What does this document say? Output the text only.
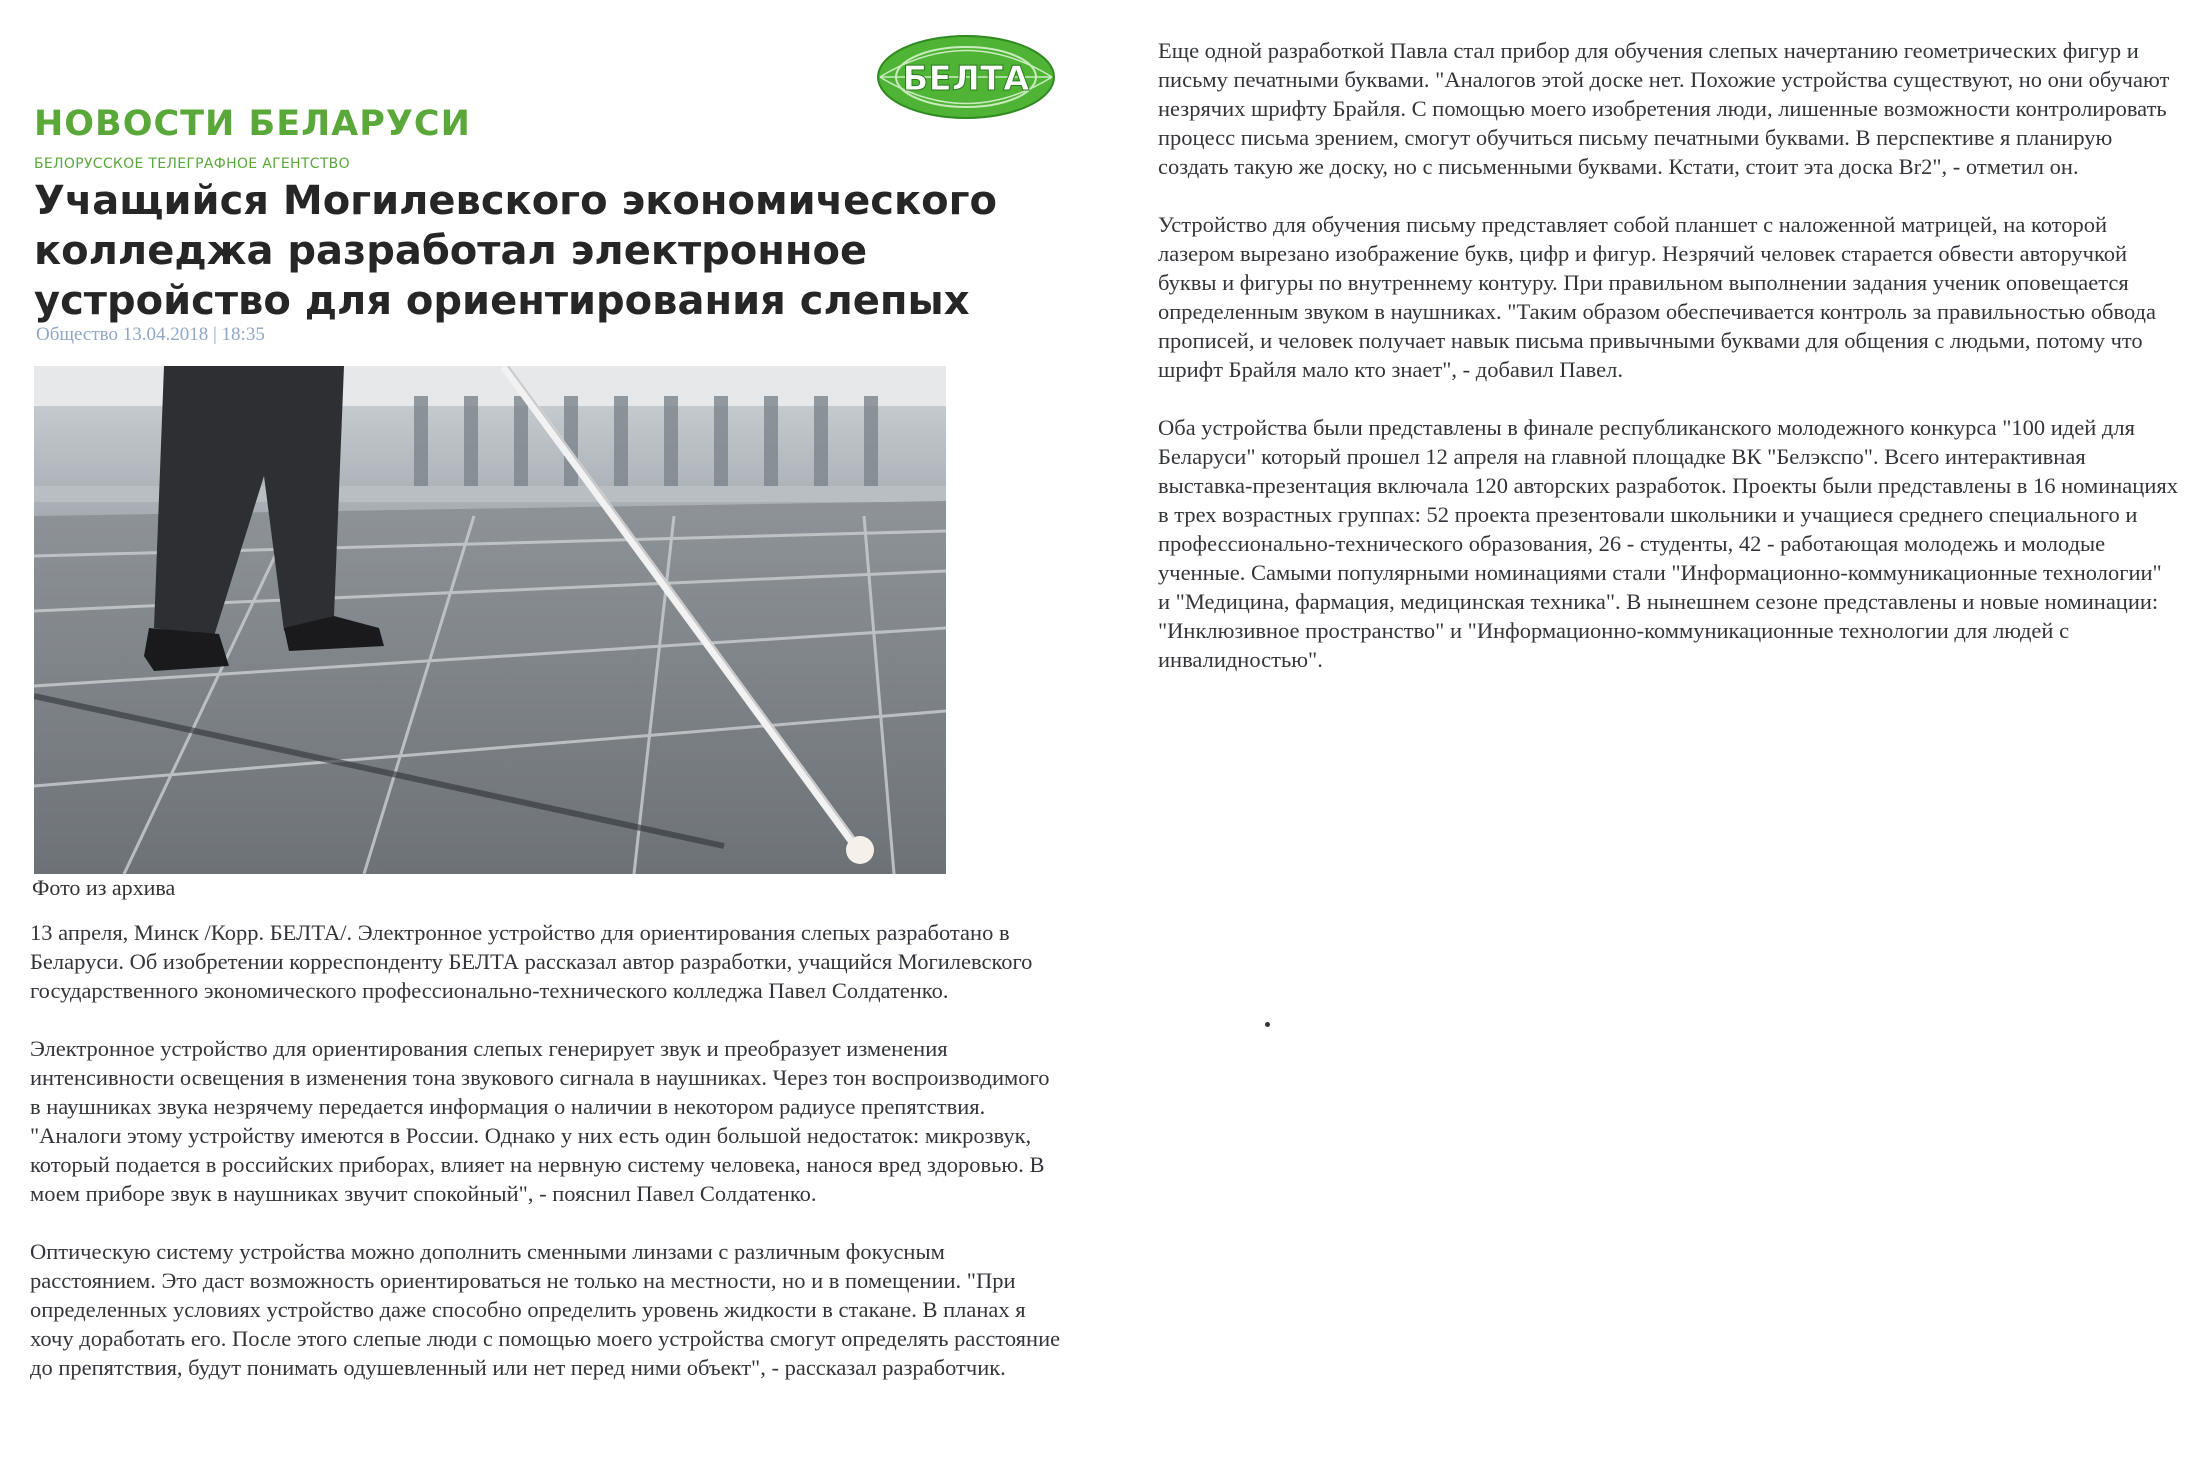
БЕЛТА
НОВОСТИ БЕЛАРУСИ
БЕЛОРУССКОЕ ТЕЛЕГРАФНОЕ АГЕНТСТВО
Учащийся Могилевского экономического колледжа разработал электронное устройство для ориентирования слепых
Общество 13.04.2018 | 18:35
Фото из архива

13 апреля, Минск /Корр. БЕЛТА/. Электронное устройство для ориентирования слепых разработано в Беларуси. Об изобретении корреспонденту БЕЛТА рассказал автор разработки, учащийся Могилевского государственного экономического профессионально-технического колледжа Павел Солдатенко.

Электронное устройство для ориентирования слепых генерирует звук и преобразует изменения интенсивности освещения в изменения тона звукового сигнала в наушниках. Через тон воспроизводимого в наушниках звука незрячему передается информация о наличии в некотором радиусе препятствия. "Аналоги этому устройству имеются в России. Однако у них есть один большой недостаток: микрозвук, который подается в российских приборах, влияет на нервную систему человека, нанося вред здоровью. В моем приборе звук в наушниках звучит спокойный", - пояснил Павел Солдатенко.

Оптическую систему устройства можно дополнить сменными линзами с различным фокусным расстоянием. Это даст возможность ориентироваться не только на местности, но и в помещении. "При определенных условиях устройство даже способно определить уровень жидкости в стакане. В планах я хочу доработать его. После этого слепые люди с помощью моего устройства смогут определять расстояние до препятствия, будут понимать одушевленный или нет перед ними объект", - рассказал разработчик.

Еще одной разработкой Павла стал прибор для обучения слепых начертанию геометрических фигур и письму печатными буквами. "Аналогов этой доске нет. Похожие устройства существуют, но они обучают незрячих шрифту Брайля. С помощью моего изобретения люди, лишенные возможности контролировать процесс письма зрением, смогут обучиться письму печатными буквами. В перспективе я планирую создать такую же доску, но с письменными буквами. Кстати, стоит эта доска Br2", - отметил он.

Устройство для обучения письму представляет собой планшет с наложенной матрицей, на которой лазером вырезано изображение букв, цифр и фигур. Незрячий человек старается обвести авторучкой буквы и фигуры по внутреннему контуру. При правильном выполнении задания ученик оповещается определенным звуком в наушниках. "Таким образом обеспечивается контроль за правильностью обвода прописей, и человек получает навык письма привычными буквами для общения с людьми, потому что шрифт Брайля мало кто знает", - добавил Павел.

Оба устройства были представлены в финале республиканского молодежного конкурса "100 идей для Беларуси" который прошел 12 апреля на главной площадке ВК "Белэкспо". Всего интерактивная выставка-презентация включала 120 авторских разработок. Проекты были представлены в 16 номинациях в трех возрастных группах: 52 проекта презентовали школьники и учащиеся среднего специального и профессионально-технического образования, 26 - студенты, 42 - работающая молодежь и молодые ученные. Самыми популярными номинациями стали "Информационно-коммуникационные технологии" и "Медицина, фармация, медицинская техника". В нынешнем сезоне представлены и новые номинации: "Инклюзивное пространство" и "Информационно-коммуникационные технологии для людей с инвалидностью".
